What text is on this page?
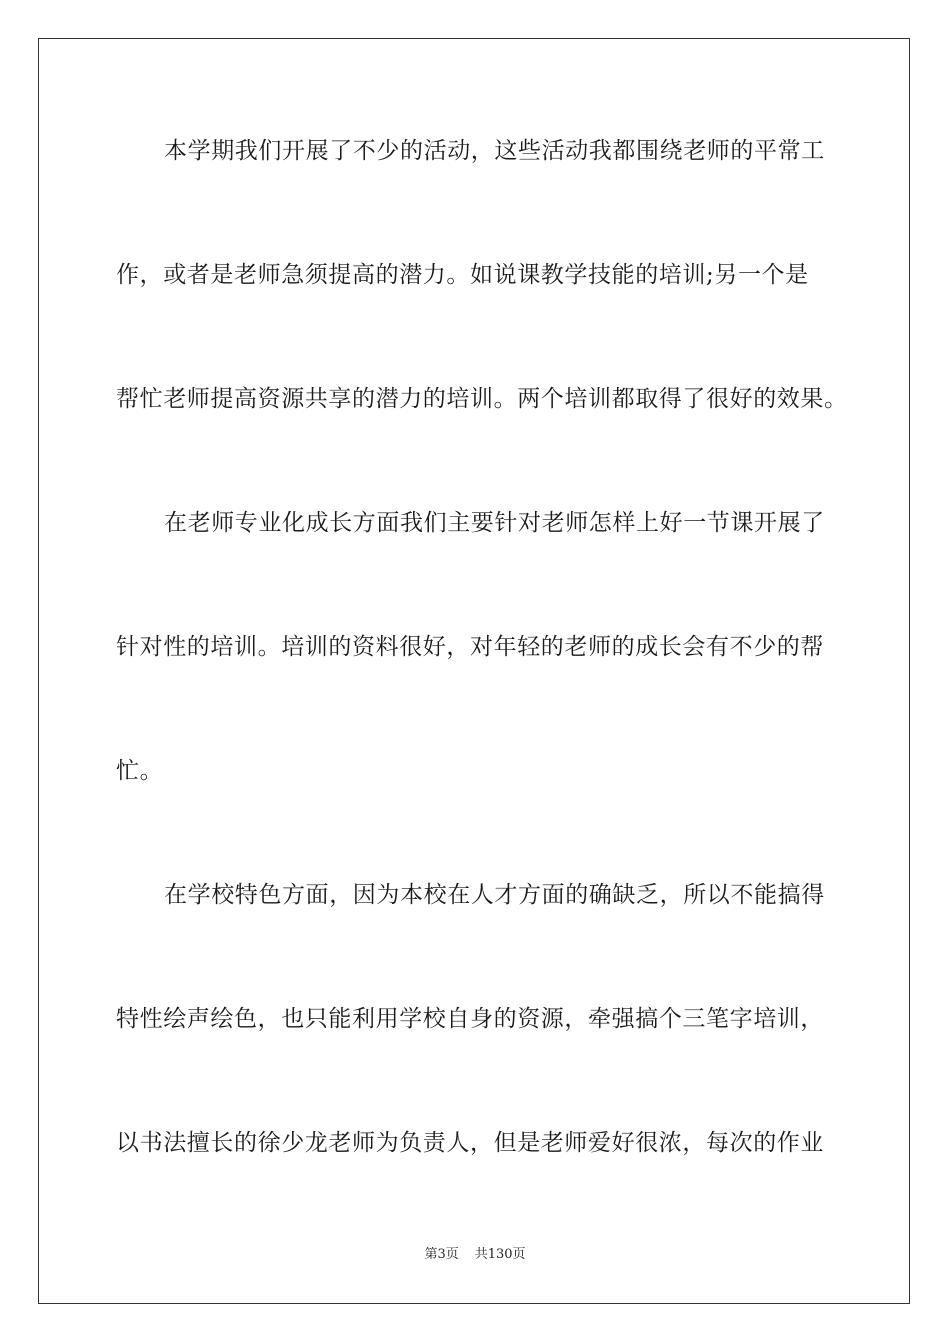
本学期我们开展了不少的活动，这些活动我都围绕老师的平常工
作，或者是老师急须提高的潜力。如说课教学技能的培训;另一个是
帮忙老师提高资源共享的潜力的培训。两个培训都取得了很好的效果。
在老师专业化成长方面我们主要针对老师怎样上好一节课开展了
针对性的培训。培训的资料很好，对年轻的老师的成长会有不少的帮
忙。
在学校特色方面，因为本校在人才方面的确缺乏，所以不能搞得
特性绘声绘色，也只能利用学校自身的资源，牵强搞个三笔字培训，
以书法擅长的徐少龙老师为负责人，但是老师爱好很浓，每次的作业
第3页 共130页
